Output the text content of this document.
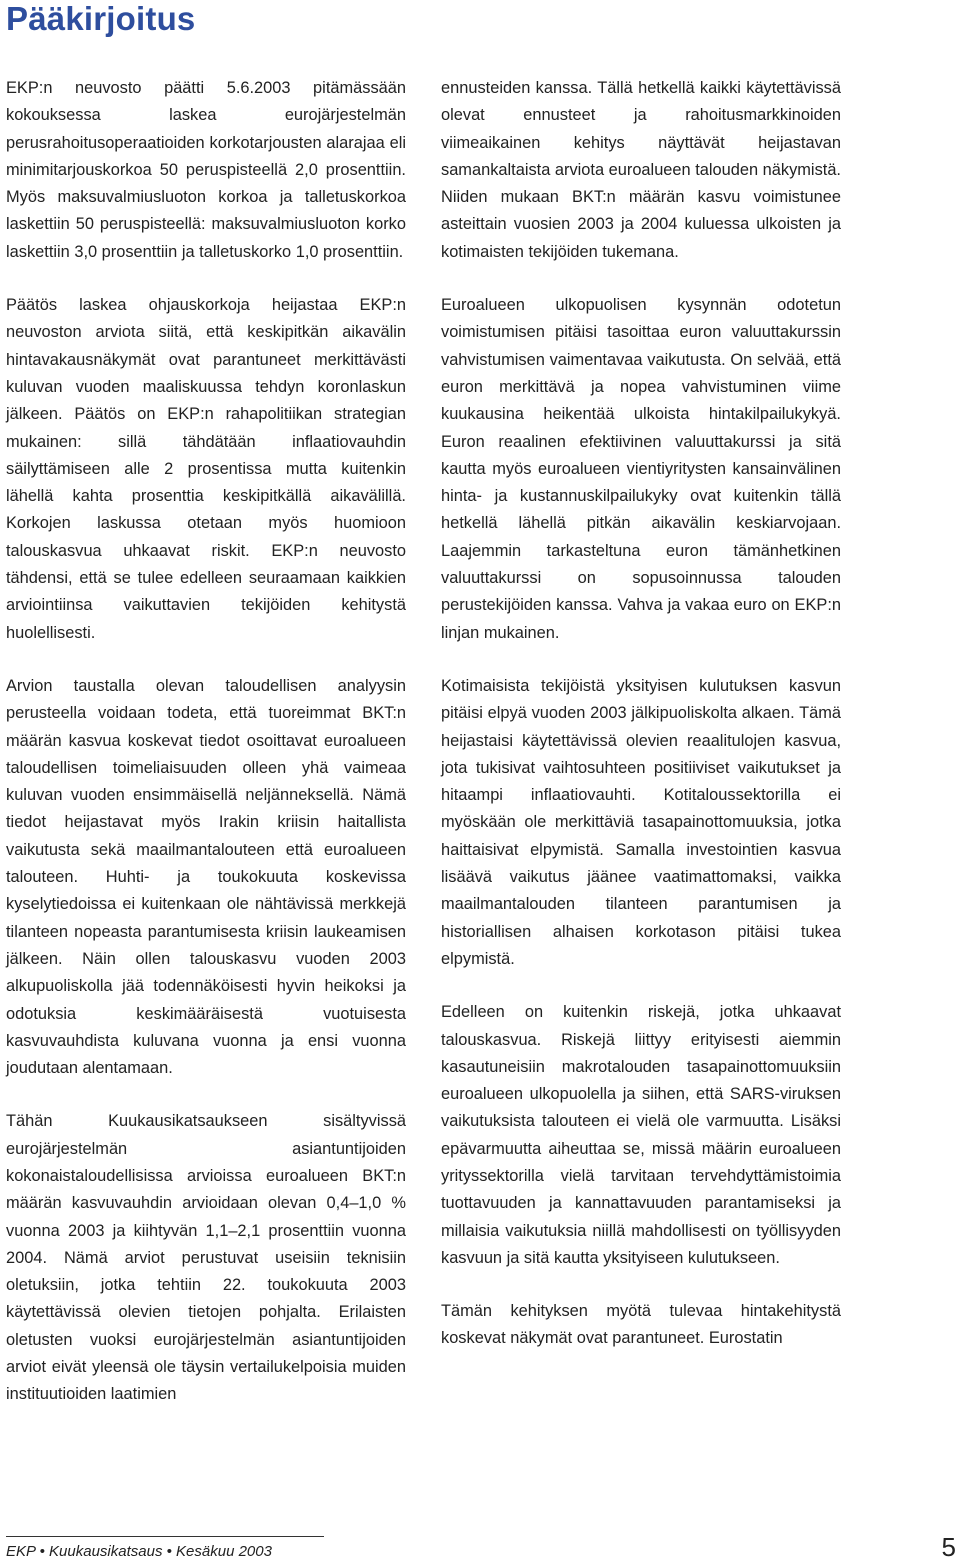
Pääkirjoitus

EKP:n neuvosto päätti 5.6.2003 pitämässään kokouksessa laskea eurojärjestelmän perusrahoitusoperaatioiden korkotarjousten alarajaa eli minimitarjouskorkoa 50 peruspisteellä 2,0 prosenttiin. Myös maksuvalmiusluoton korkoa ja talletuskorkoa laskettiin 50 peruspisteellä: maksuvalmiusluoton korko laskettiin 3,0 prosenttiin ja talletuskorko 1,0 prosenttiin.

Päätös laskea ohjauskorkoja heijastaa EKP:n neuvoston arviota siitä, että keskipitkän aikavälin hintavakausnäkymät ovat parantuneet merkittävästi kuluvan vuoden maaliskuussa tehdyn koronlaskun jälkeen. Päätös on EKP:n rahapolitiikan strategian mukainen: sillä tähdätään inflaatiovauhdin säilyttämiseen alle 2 prosentissa mutta kuitenkin lähellä kahta prosenttia keskipitkällä aikavälillä. Korkojen laskussa otetaan myös huomioon talouskasvua uhkaavat riskit. EKP:n neuvosto tähdensi, että se tulee edelleen seuraamaan kaikkien arviointiinsa vaikuttavien tekijöiden kehitystä huolellisesti.

Arvion taustalla olevan taloudellisen analyysin perusteella voidaan todeta, että tuoreimmat BKT:n määrän kasvua koskevat tiedot osoittavat euroalueen taloudellisen toimeliaisuuden olleen yhä vaimeaa kuluvan vuoden ensimmäisellä neljänneksellä. Nämä tiedot heijastavat myös Irakin kriisin haitallista vaikutusta sekä maailmantalouteen että euroalueen talouteen. Huhti- ja toukokuuta koskevissa kyselytiedoissa ei kuitenkaan ole nähtävissä merkkejä tilanteen nopeasta parantumisesta kriisin laukeamisen jälkeen. Näin ollen talouskasvu vuoden 2003 alkupuoliskolla jää todennäköisesti hyvin heikoksi ja odotuksia keskimääräisestä vuotuisesta kasvuvauhdista kuluvana vuonna ja ensi vuonna joudutaan alentamaan.

Tähän Kuukausikatsaukseen sisältyvissä eurojärjestelmän asiantuntijoiden kokonaistaloudellisissa arvioissa euroalueen BKT:n määrän kasvuvauhdin arvioidaan olevan 0,4–1,0 % vuonna 2003 ja kiihtyvän 1,1–2,1 prosenttiin vuonna 2004. Nämä arviot perustuvat useisiin teknisiin oletuksiin, jotka tehtiin 22. toukokuuta 2003 käytettävissä olevien tietojen pohjalta. Erilaisten oletusten vuoksi eurojärjestelmän asiantuntijoiden arviot eivät yleensä ole täysin vertailukelpoisia muiden instituutioiden laatimien

ennusteiden kanssa. Tällä hetkellä kaikki käytettävissä olevat ennusteet ja rahoitusmarkkinoiden viimeaikainen kehitys näyttävät heijastavan samankaltaista arviota euroalueen talouden näkymistä. Niiden mukaan BKT:n määrän kasvu voimistunee asteittain vuosien 2003 ja 2004 kuluessa ulkoisten ja kotimaisten tekijöiden tukemana.

Euroalueen ulkopuolisen kysynnän odotetun voimistumisen pitäisi tasoittaa euron valuuttakurssin vahvistumisen vaimentavaa vaikutusta. On selvää, että euron merkittävä ja nopea vahvistuminen viime kuukausina heikentää ulkoista hintakilpailukykyä. Euron reaalinen efektiivinen valuuttakurssi ja sitä kautta myös euroalueen vientiyritysten kansainvälinen hinta- ja kustannuskilpailukyky ovat kuitenkin tällä hetkellä lähellä pitkän aikavälin keskiarvojaan. Laajemmin tarkasteltuna euron tämänhetkinen valuuttakurssi on sopusoinnussa talouden perustekijöiden kanssa. Vahva ja vakaa euro on EKP:n linjan mukainen.

Kotimaisista tekijöistä yksityisen kulutuksen kasvun pitäisi elpyä vuoden 2003 jälkipuoliskolta alkaen. Tämä heijastaisi käytettävissä olevien reaalitulojen kasvua, jota tukisivat vaihtosuhteen positiiviset vaikutukset ja hitaampi inflaatiovauhti. Kotitaloussektorilla ei myöskään ole merkittäviä tasapainottomuuksia, jotka haittaisivat elpymistä. Samalla investointien kasvua lisäävä vaikutus jäänee vaatimattomaksi, vaikka maailmantalouden tilanteen parantumisen ja historiallisen alhaisen korkotason pitäisi tukea elpymistä.

Edelleen on kuitenkin riskejä, jotka uhkaavat talouskasvua. Riskejä liittyy erityisesti aiemmin kasautuneisiin makrotalouden tasapainottomuuksiin euroalueen ulkopuolella ja siihen, että SARS-viruksen vaikutuksista talouteen ei vielä ole varmuutta. Lisäksi epävarmuutta aiheuttaa se, missä määrin euroalueen yrityssektorilla vielä tarvitaan tervehdyttämistoimia tuottavuuden ja kannattavuuden parantamiseksi ja millaisia vaikutuksia niillä mahdollisesti on työllisyyden kasvuun ja sitä kautta yksityiseen kulutukseen.

Tämän kehityksen myötä tulevaa hintakehitystä koskevat näkymät ovat parantuneet. Eurostatin

EKP • Kuukausikatsaus • Kesäkuu 2003	5
